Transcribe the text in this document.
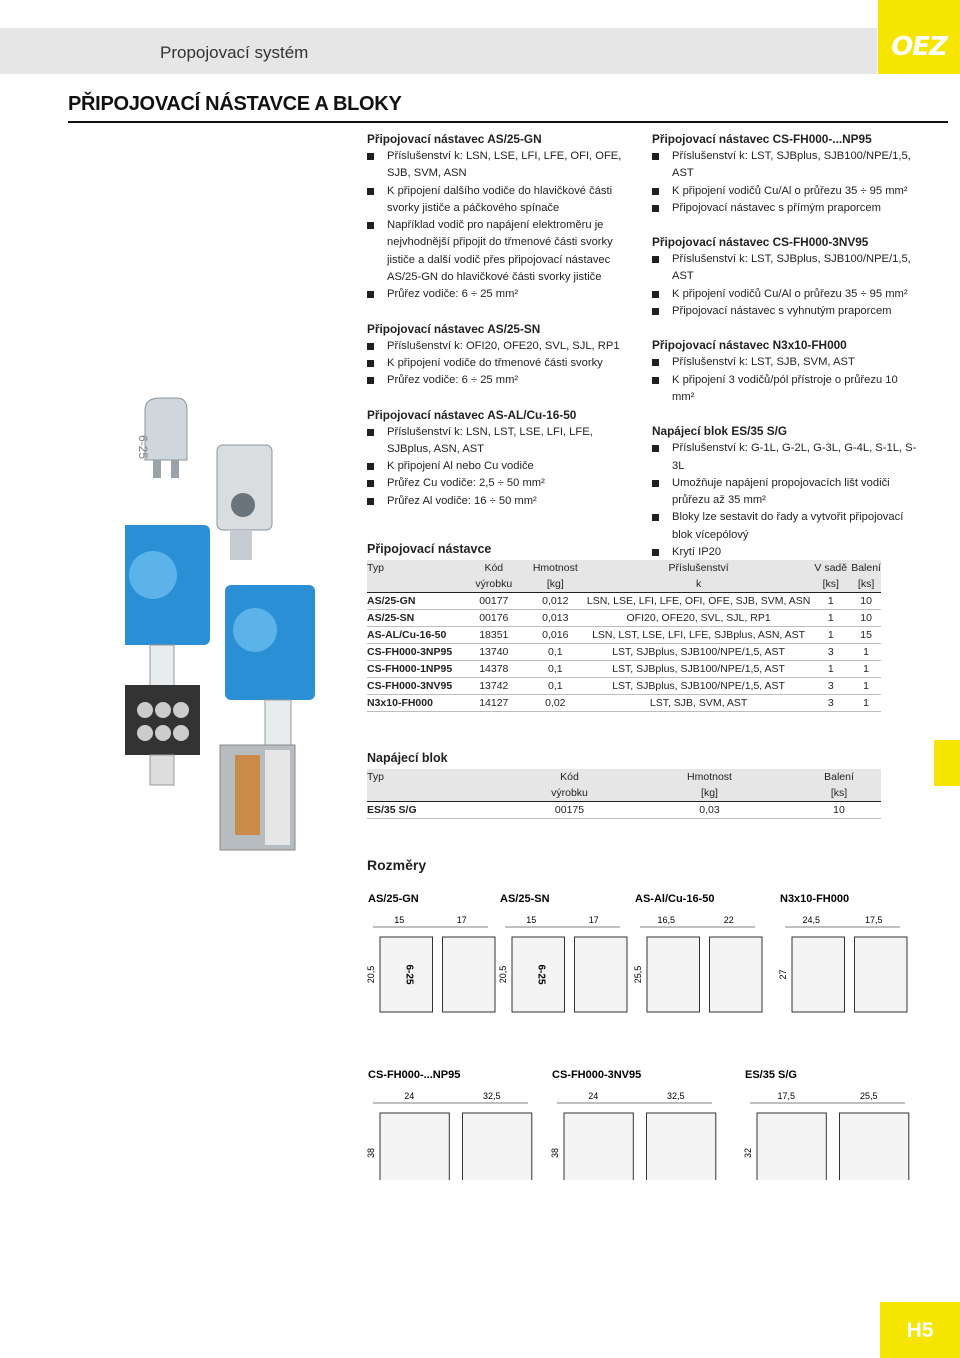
Propojovací systém	OEZ
PŘIPOJOVACÍ NÁSTAVCE A BLOKY
6-25
Připojovací nástavec AS/25-GN
Příslušenství k: LSN, LSE, LFI, LFE, OFI, OFE, SJB, SVM, ASN
K připojení dalšího vodiče do hlavičkové části svorky jističe a páčkového spínače
Například vodič pro napájení elektroměru je nejvhodnější připojit do třmenové části svorky jističe a další vodič přes připojovací nástavec AS/25-GN do hlavičkové části svorky jističe
Průřez vodiče: 6 ÷ 25 mm²
Připojovací nástavec AS/25-SN
Příslušenství k: OFI20, OFE20, SVL, SJL, RP1
K připojení vodiče do třmenové části svorky
Průřez vodiče: 6 ÷ 25 mm²
Připojovací nástavec AS-AL/Cu-16-50
Příslušenství k: LSN, LST, LSE, LFI, LFE, SJBplus, ASN, AST
K připojení Al nebo Cu vodiče
Průřez Cu vodiče: 2,5 ÷ 50 mm²
Průřez Al vodiče: 16 ÷ 50 mm²
Připojovací nástavec CS-FH000-...NP95
Příslušenství k: LST, SJBplus, SJB100/NPE/1,5, AST
K připojení vodičů Cu/Al o průřezu 35 ÷ 95 mm²
Připojovací nástavec s přímým praporcem
Připojovací nástavec CS-FH000-3NV95
Příslušenství k: LST, SJBplus, SJB100/NPE/1,5, AST
K připojení vodičů Cu/Al o průřezu 35 ÷ 95 mm²
Připojovací nástavec s vyhnutým praporcem
Připojovací nástavec N3x10-FH000
Příslušenství k: LST, SJB, SVM, AST
K připojení 3 vodičů/pól přístroje o průřezu 10 mm²
Napájecí blok ES/35 S/G
Příslušenství k: G-1L, G-2L, G-3L, G-4L, S-1L, S-3L
Umožňuje napájení propojovacích lišt vodiči průřezu až 35 mm²
Bloky lze sestavit do řady a vytvořit připojovací blok vícepólový
Krytí IP20
Připojovací nástavce
Typ	Kód	Hmotnost	Příslušenství	V sadě	Balení
	výrobku	[kg]	k	[ks]	[ks]
AS/25-GN	00177	0,012	LSN, LSE, LFI, LFE, OFI, OFE, SJB, SVM, ASN	1	10
AS/25-SN	00176	0,013	OFI20, OFE20, SVL, SJL, RP1	1	10
AS-AL/Cu-16-50	18351	0,016	LSN, LST, LSE, LFI, LFE, SJBplus, ASN, AST	1	15
CS-FH000-3NP95	13740	0,1	LST, SJBplus, SJB100/NPE/1,5, AST	3	1
CS-FH000-1NP95	14378	0,1	LST, SJBplus, SJB100/NPE/1,5, AST	1	1
CS-FH000-3NV95	13742	0,1	LST, SJBplus, SJB100/NPE/1,5, AST	3	1
N3x10-FH000	14127	0,02	LST, SJB, SVM, AST	3	1
Napájecí blok
Typ	Kód	Hmotnost	Balení
	výrobku	[kg]	[ks]
ES/35 S/G	00175	0,03	10
Rozměry
AS/25-GN
15	17
20,5	6-25
AS/25-SN
15	17
20,5	6-25
AS-Al/Cu-16-50
16,5	22
25,5
N3x10-FH000
24,5	17,5
27
CS-FH000-...NP95
24	32,5
38
CS-FH000-3NV95
24	32,5
38
ES/35 S/G
17,5	25,5
32
H5
